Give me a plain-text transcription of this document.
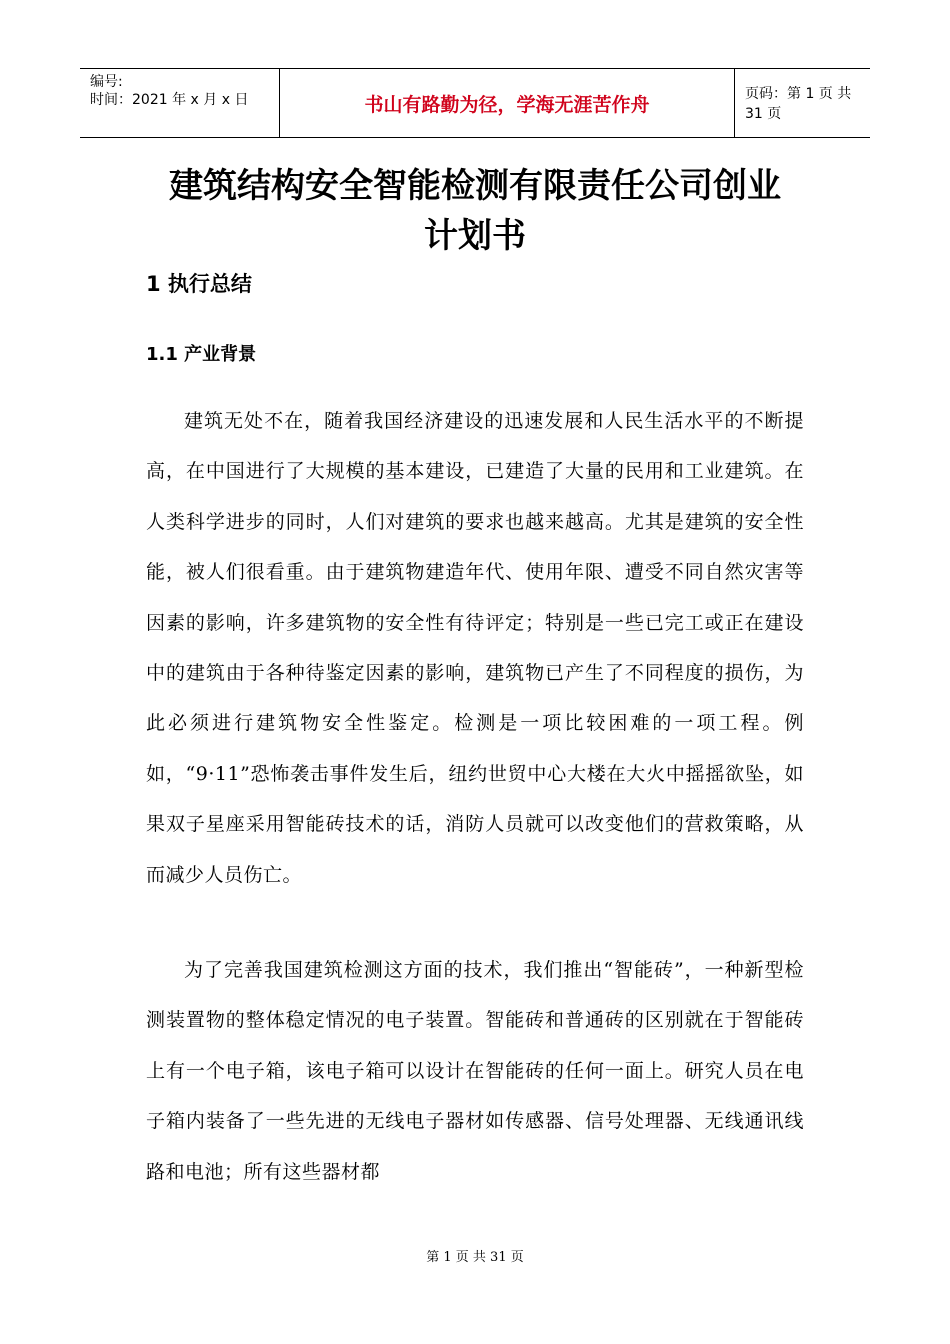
编号:
时间：2021 年 x 月 x 日	书山有路勤为径，学海无涯苦作舟	页码：第 1 页 共 31 页
建筑结构安全智能检测有限责任公司创业
计划书
1 执行总结
1.1 产业背景

建筑无处不在，随着我国经济建设的迅速发展和人民生活水平的不断提高，在中国进行了大规模的基本建设，已建造了大量的民用和工业建筑。在人类科学进步的同时，人们对建筑的要求也越来越高。尤其是建筑的安全性能，被人们很看重。由于建筑物建造年代、使用年限、遭受不同自然灾害等因素的影响，许多建筑物的安全性有待评定；特别是一些已完工或正在建设中的建筑由于各种待鉴定因素的影响，建筑物已产生了不同程度的损伤，为此必须进行建筑物安全性鉴定。检测是一项比较困难的一项工程。例如，“9·11”恐怖袭击事件发生后，纽约世贸中心大楼在大火中摇摇欲坠，如果双子星座采用智能砖技术的话，消防人员就可以改变他们的营救策略，从而减少人员伤亡。

为了完善我国建筑检测这方面的技术，我们推出“智能砖”，一种新型检测装置物的整体稳定情况的电子装置。智能砖和普通砖的区别就在于智能砖上有一个电子箱，该电子箱可以设计在智能砖的任何一面上。研究人员在电子箱内装备了一些先进的无线电子器材如传感器、信号处理器、无线通讯线路和电池；所有这些器材都

第 1 页 共 31 页
